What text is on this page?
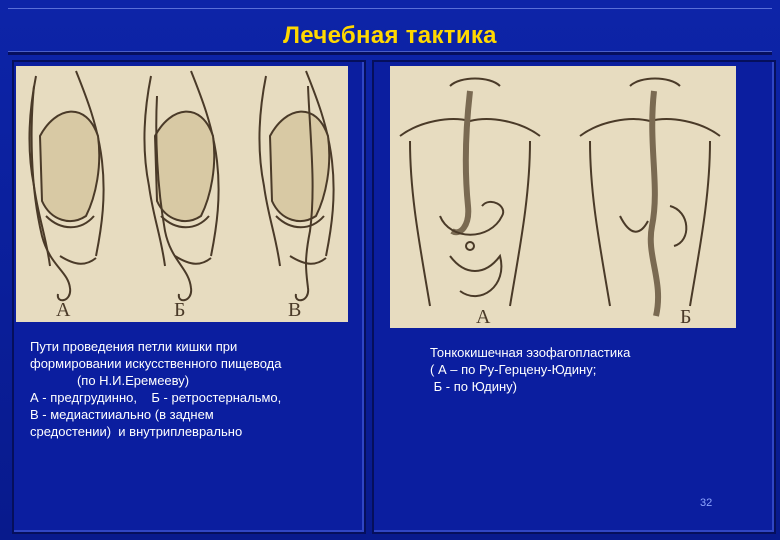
Лечебная тактика
А	Б	В	А	Б
Пути проведения петли кишки при
формировании искусственного пищевода
(по Н.И.Еремееву)
А - предгрудинно,    Б - ретростернальмо,
В - медиастииально (в заднем
средостении)  и внутриплеврально
Тонкокишечная эзофагопластика
( А – по Ру-Герцену-Юдину;
Б - по Юдину)
32
